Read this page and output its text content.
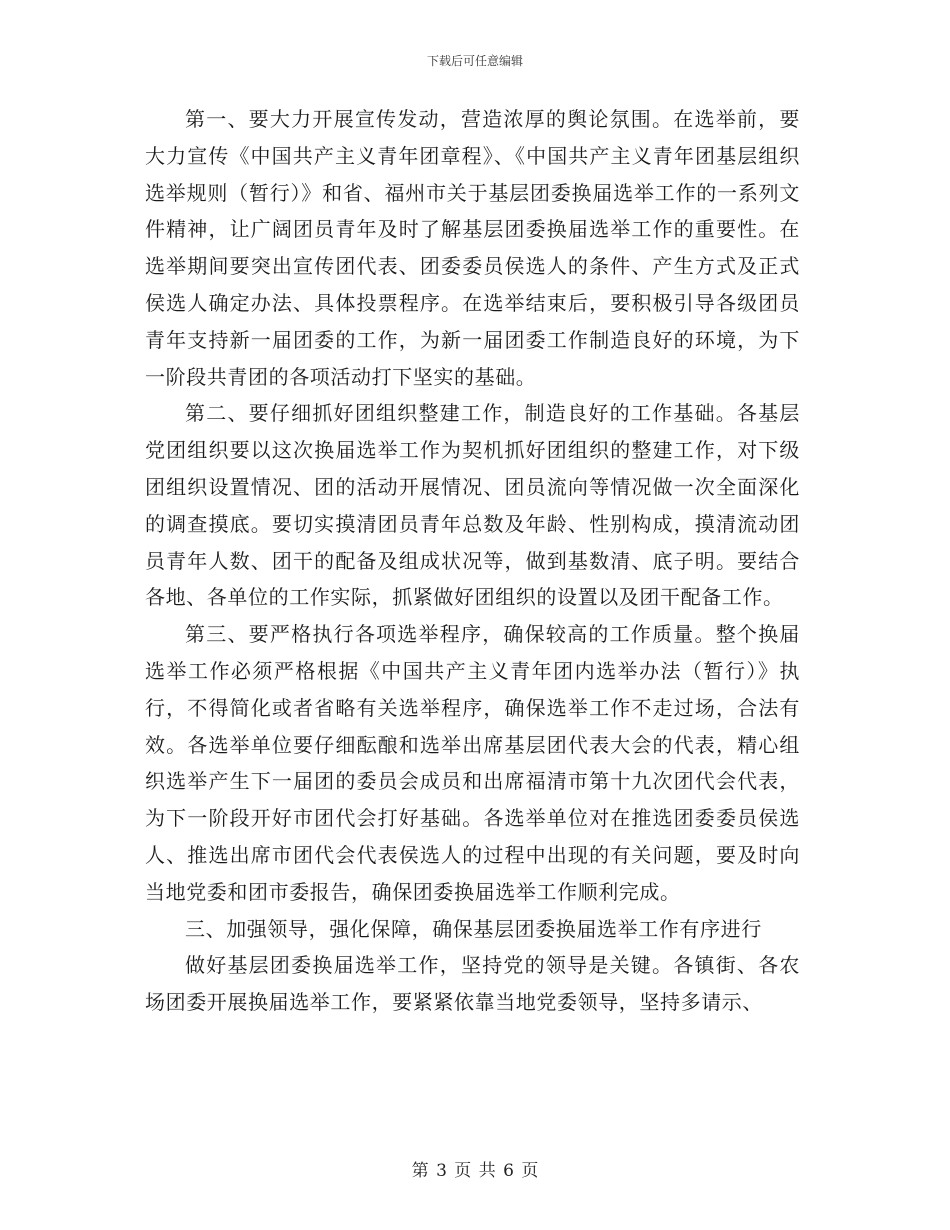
下载后可任意编辑

第一、要大力开展宣传发动，营造浓厚的舆论氛围。在选举前，要大力宣传《中国共产主义青年团章程》、《中国共产主义青年团基层组织选举规则（暂行）》和省、福州市关于基层团委换届选举工作的一系列文件精神，让广阔团员青年及时了解基层团委换届选举工作的重要性。在选举期间要突出宣传团代表、团委委员侯选人的条件、产生方式及正式侯选人确定办法、具体投票程序。在选举结束后，要积极引导各级团员青年支持新一届团委的工作，为新一届团委工作制造良好的环境，为下一阶段共青团的各项活动打下坚实的基础。

第二、要仔细抓好团组织整建工作，制造良好的工作基础。各基层党团组织要以这次换届选举工作为契机抓好团组织的整建工作，对下级团组织设置情况、团的活动开展情况、团员流向等情况做一次全面深化的调查摸底。要切实摸清团员青年总数及年龄、性别构成，摸清流动团员青年人数、团干的配备及组成状况等，做到基数清、底子明。要结合各地、各单位的工作实际，抓紧做好团组织的设置以及团干配备工作。

第三、要严格执行各项选举程序，确保较高的工作质量。整个换届选举工作必须严格根据《中国共产主义青年团内选举办法（暂行）》执行，不得简化或者省略有关选举程序，确保选举工作不走过场，合法有效。各选举单位要仔细酝酿和选举出席基层团代表大会的代表，精心组织选举产生下一届团的委员会成员和出席福清市第十九次团代会代表，为下一阶段开好市团代会打好基础。各选举单位对在推选团委委员侯选人、推选出席市团代会代表侯选人的过程中出现的有关问题，要及时向当地党委和团市委报告，确保团委换届选举工作顺利完成。

三、加强领导，强化保障，确保基层团委换届选举工作有序进行

做好基层团委换届选举工作，坚持党的领导是关键。各镇街、各农场团委开展换届选举工作，要紧紧依靠当地党委领导，坚持多请示、

第 3 页 共 6 页
